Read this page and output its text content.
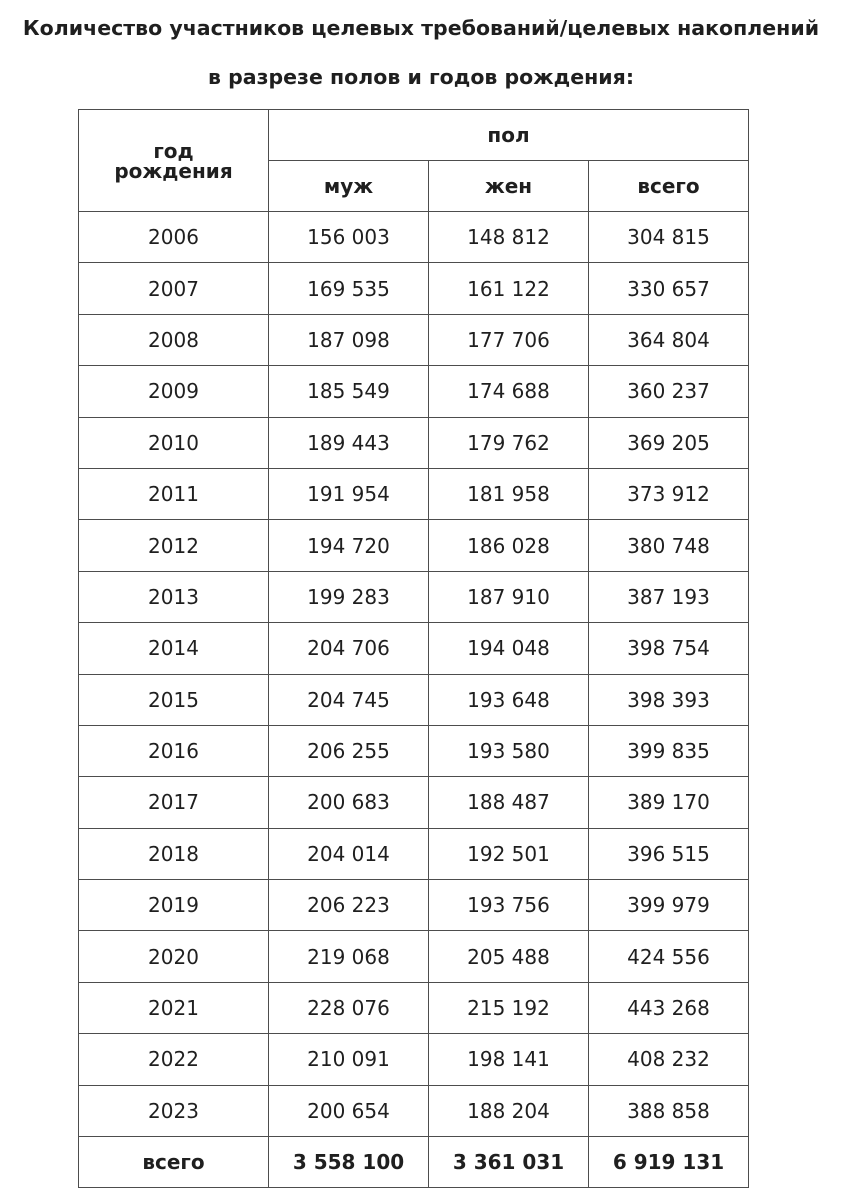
Количество участников целевых требований/целевых накоплений
в разрезе полов и годов рождения:
год
рождения	пол		
	муж	жен	всего
2006	156 003	148 812	304 815
2007	169 535	161 122	330 657
2008	187 098	177 706	364 804
2009	185 549	174 688	360 237
2010	189 443	179 762	369 205
2011	191 954	181 958	373 912
2012	194 720	186 028	380 748
2013	199 283	187 910	387 193
2014	204 706	194 048	398 754
2015	204 745	193 648	398 393
2016	206 255	193 580	399 835
2017	200 683	188 487	389 170
2018	204 014	192 501	396 515
2019	206 223	193 756	399 979
2020	219 068	205 488	424 556
2021	228 076	215 192	443 268
2022	210 091	198 141	408 232
2023	200 654	188 204	388 858
всего	3 558 100	3 361 031	6 919 131
